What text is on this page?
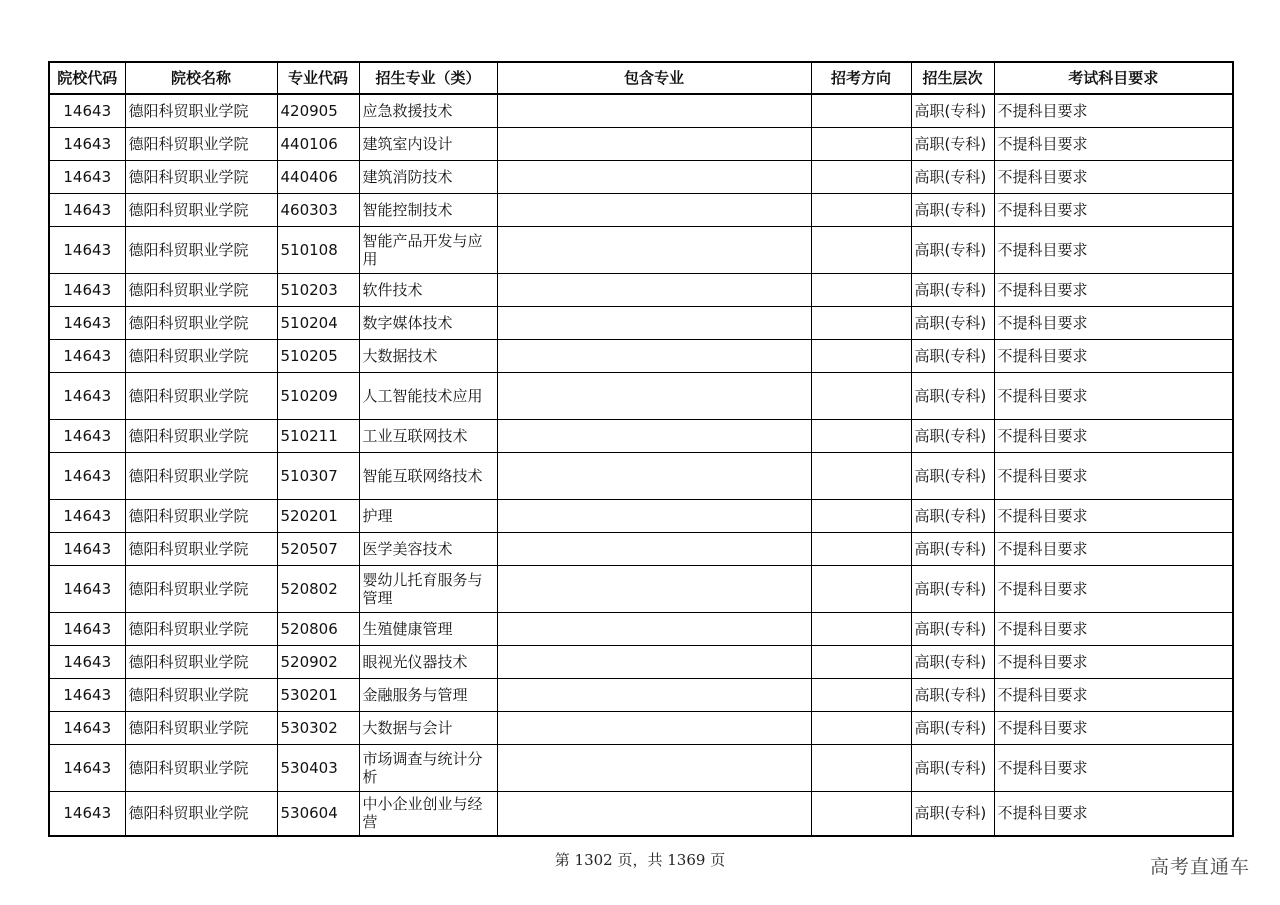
院校代码	院校名称	专业代码	招生专业（类）	包含专业	招考方向	招生层次	考试科目要求
14643	德阳科贸职业学院	420905	应急救援技术			高职(专科)	不提科目要求
14643	德阳科贸职业学院	440106	建筑室内设计			高职(专科)	不提科目要求
14643	德阳科贸职业学院	440406	建筑消防技术			高职(专科)	不提科目要求
14643	德阳科贸职业学院	460303	智能控制技术			高职(专科)	不提科目要求
14643	德阳科贸职业学院	510108	智能产品开发与应用			高职(专科)	不提科目要求
14643	德阳科贸职业学院	510203	软件技术			高职(专科)	不提科目要求
14643	德阳科贸职业学院	510204	数字媒体技术			高职(专科)	不提科目要求
14643	德阳科贸职业学院	510205	大数据技术			高职(专科)	不提科目要求
14643	德阳科贸职业学院	510209	人工智能技术应用			高职(专科)	不提科目要求
14643	德阳科贸职业学院	510211	工业互联网技术			高职(专科)	不提科目要求
14643	德阳科贸职业学院	510307	智能互联网络技术			高职(专科)	不提科目要求
14643	德阳科贸职业学院	520201	护理			高职(专科)	不提科目要求
14643	德阳科贸职业学院	520507	医学美容技术			高职(专科)	不提科目要求
14643	德阳科贸职业学院	520802	婴幼儿托育服务与管理			高职(专科)	不提科目要求
14643	德阳科贸职业学院	520806	生殖健康管理			高职(专科)	不提科目要求
14643	德阳科贸职业学院	520902	眼视光仪器技术			高职(专科)	不提科目要求
14643	德阳科贸职业学院	530201	金融服务与管理			高职(专科)	不提科目要求
14643	德阳科贸职业学院	530302	大数据与会计			高职(专科)	不提科目要求
14643	德阳科贸职业学院	530403	市场调查与统计分析			高职(专科)	不提科目要求
14643	德阳科贸职业学院	530604	中小企业创业与经营			高职(专科)	不提科目要求
第 1302 页，共 1369 页	高考直通车
